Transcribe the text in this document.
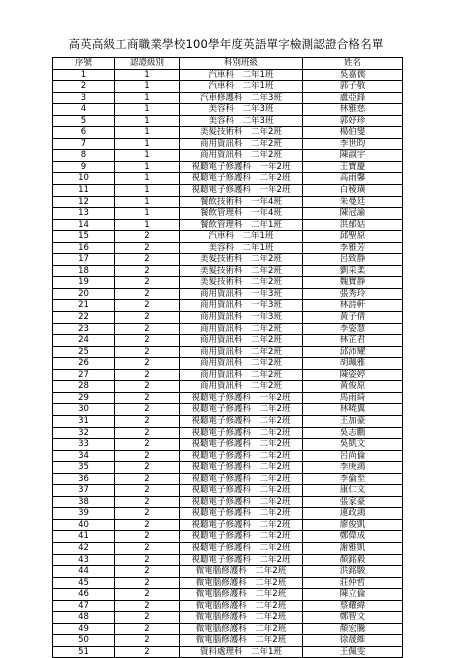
高英高級工商職業學校100學年度英語單字檢測認證合格名單
序號	認證級別	科別班級	姓名
1	1	汽車科　二年1班	吳嘉儒
2	1	汽車科　二年1班	郭子敬
3	1	汽車修護科　二年3班	盧亞鋒
4	1	美容科　二年3班	林雅慈
5	1	美容科　二年3班	郭妤珍
6	1	美髮技術科　二年2班	楊伯燮
7	1	商用資訊科　二年2班	李世昀
8	1	商用資訊科　二年2班	陳淑宇
9	1	視聽電子修護科　一年2班	王寶慶
10	1	視聽電子修護科　二年2班	高雨馨
11	1	視聽電子修護科　一年2班	白稜璜
12	1	餐飲技術科　一年4班	朱曼廷
13	1	餐飲管理科　一年4班	陳冠諭
14	1	餐飲管理科　二年1班	洪郁姑
15	2	汽車科　二年1班	邱聖原
16	2	美容科　二年1班	李雅芳
17	2	美髮技術科　二年2班	呂致靜
18	2	美髮技術科　二年2班	劉采柔
19	2	美髮技術科　二年2班	魏寶靜
20	2	商用資訊科　一年3班	張秀玲
21	2	商用資訊科　一年3班	林詩軒
22	2	商用資訊科　一年3班	黃子倩
23	2	商用資訊科　二年2班	李姿慧
24	2	商用資訊科　二年2班	林芷君
25	2	商用資訊科　二年2班	邱沛耀
26	2	商用資訊科　二年2班	胡珮雅
27	2	商用資訊科　二年2班	陳姿婷
28	2	商用資訊科　二年2班	黃俊原
29	2	視聽電子修護科　一年2班	馬雨綺
30	2	視聽電子修護科　二年2班	林曉翼
31	2	視聽電子修護科　二年2班	王加豪
32	2	視聽電子修護科　二年2班	吳志鵬
33	2	視聽電子修護科　二年2班	吳凱文
34	2	視聽電子修護科　二年2班	呂尚倫
35	2	視聽電子修護科　二年2班	李庚鴻
36	2	視聽電子修護科　二年2班	李倫至
37	2	視聽電子修護科　二年2班	康仁文
38	2	視聽電子修護科　二年2班	張家豪
39	2	視聽電子修護科　二年2班	連政鴻
40	2	視聽電子修護科　二年2班	廖俊凱
41	2	視聽電子修護科　二年2班	鄭偉成
42	2	視聽電子修護科　二年2班	謝雅凱
43	2	視聽電子修護科　二年2班	顏銘毅
44	2	微電腦修護科　二年2班	洪銘駿
45	2	微電腦修護科　二年2班	莊仲哲
46	2	微電腦修護科　二年2班	陳立倫
47	2	微電腦修護科　二年2班	蔡耀緯
48	2	微電腦修護科　二年2班	鄭智文
49	2	微電腦修護科　二年2班	顏宏騰
50	2	微電腦修護科　二年2班	徐晟維
51	2	資料處理科　二年1班	王佩雯
